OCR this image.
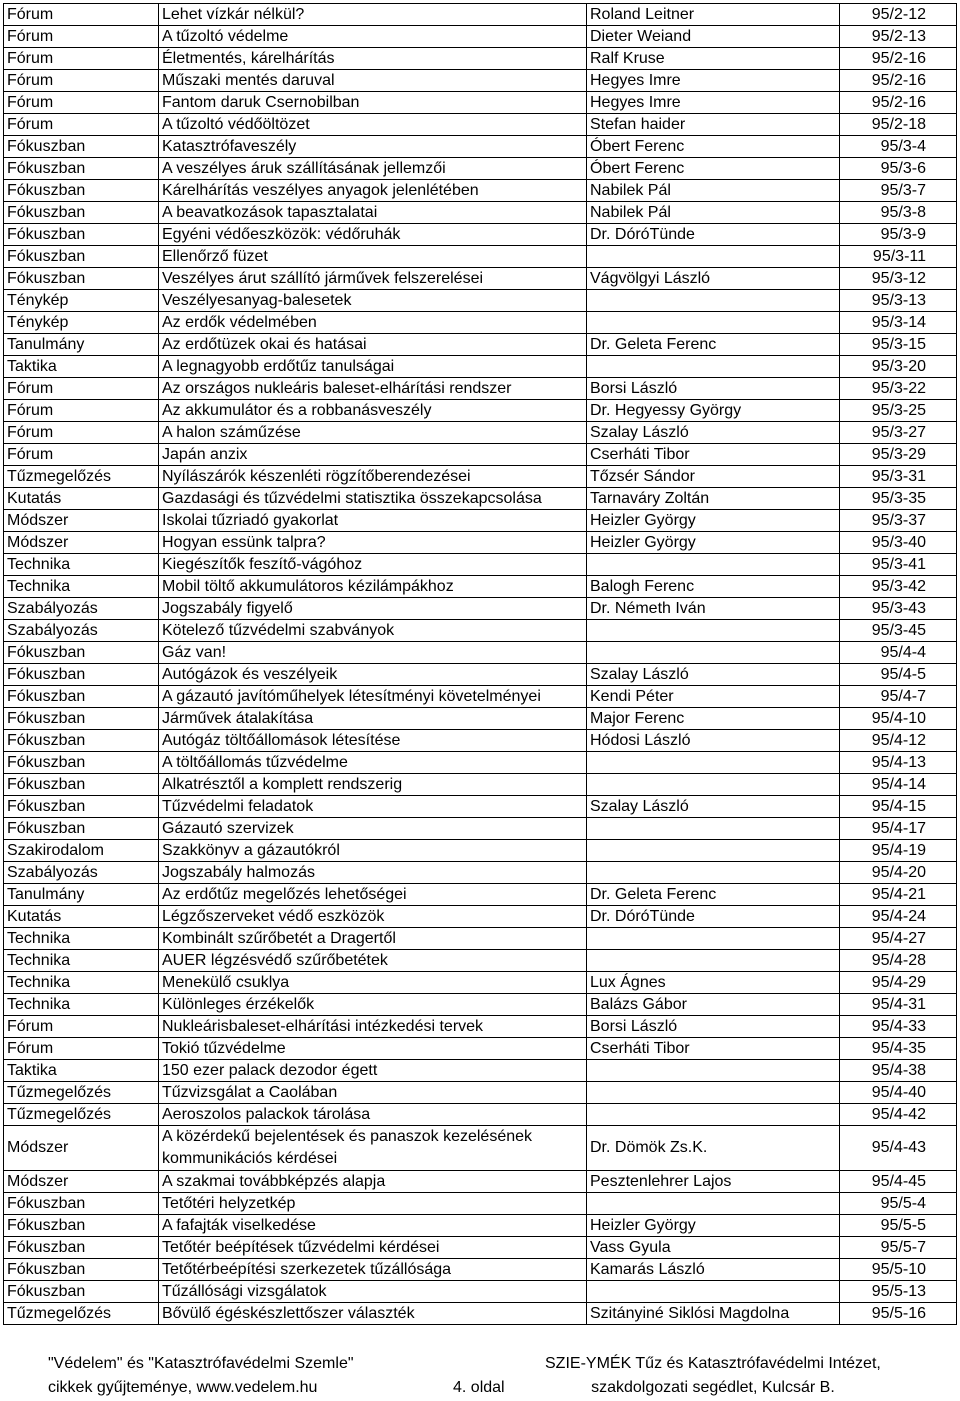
Fórum	Lehet vízkár nélkül?	Roland Leitner	95/2-12
Fórum	A tűzoltó védelme	Dieter Weiand	95/2-13
Fórum	Életmentés, kárelhárítás	Ralf Kruse	95/2-16
Fórum	Műszaki mentés daruval	Hegyes Imre	95/2-16
Fórum	Fantom daruk Csernobilban	Hegyes Imre	95/2-16
Fórum	A tűzoltó védőöltözet	Stefan haider	95/2-18
Fókuszban	Katasztrófaveszély	Óbert Ferenc	95/3-4
Fókuszban	A veszélyes áruk szállításának jellemzői	Óbert Ferenc	95/3-6
Fókuszban	Kárelhárítás veszélyes anyagok jelenlétében	Nabilek Pál	95/3-7
Fókuszban	A beavatkozások tapasztalatai	Nabilek Pál	95/3-8
Fókuszban	Egyéni védőeszközök: védőruhák	Dr. DóróTünde	95/3-9
Fókuszban	Ellenőrző füzet		95/3-11
Fókuszban	Veszélyes árut szállító járművek felszerelései	Vágvölgyi László	95/3-12
Ténykép	Veszélyesanyag-balesetek		95/3-13
Ténykép	Az erdők védelmében		95/3-14
Tanulmány	Az erdőtüzek okai és hatásai	Dr. Geleta Ferenc	95/3-15
Taktika	A legnagyobb erdőtűz tanulságai		95/3-20
Fórum	Az országos nukleáris baleset-elhárítási rendszer	Borsi László	95/3-22
Fórum	Az akkumulátor és a robbanásveszély	Dr. Hegyessy György	95/3-25
Fórum	A halon száműzése	Szalay László	95/3-27
Fórum	Japán anzix	Cserháti Tibor	95/3-29
Tűzmegelőzés	Nyílászárók készenléti rögzítőberendezései	Tőzsér Sándor	95/3-31
Kutatás	Gazdasági és tűzvédelmi statisztika összekapcsolása	Tarnaváry Zoltán	95/3-35
Módszer	Iskolai tűzriadó gyakorlat	Heizler György	95/3-37
Módszer	Hogyan essünk talpra?	Heizler György	95/3-40
Technika	Kiegészítők feszítő-vágóhoz		95/3-41
Technika	Mobil töltő akkumulátoros kézilámpákhoz	Balogh Ferenc	95/3-42
Szabályozás	Jogszabály figyelő	Dr. Németh Iván	95/3-43
Szabályozás	Kötelező tűzvédelmi szabványok		95/3-45
Fókuszban	Gáz van!		95/4-4
Fókuszban	Autógázok és veszélyeik	Szalay László	95/4-5
Fókuszban	A gázautó javítóműhelyek létesítményi követelményei	Kendi Péter	95/4-7
Fókuszban	Járművek átalakítása	Major Ferenc	95/4-10
Fókuszban	Autógáz töltőállomások létesítése	Hódosi László	95/4-12
Fókuszban	A töltőállomás tűzvédelme		95/4-13
Fókuszban	Alkatrésztől a komplett rendszerig		95/4-14
Fókuszban	Tűzvédelmi feladatok	Szalay László	95/4-15
Fókuszban	Gázautó szervizek		95/4-17
Szakirodalom	Szakkönyv a gázautókról		95/4-19
Szabályozás	Jogszabály halmozás		95/4-20
Tanulmány	Az erdőtűz megelőzés lehetőségei	Dr. Geleta Ferenc	95/4-21
Kutatás	Légzőszerveket védő eszközök	Dr. DóróTünde	95/4-24
Technika	Kombinált szűrőbetét a Dragertől		95/4-27
Technika	AUER légzésvédő szűrőbetétek		95/4-28
Technika	Menekülő csuklya	Lux Ágnes	95/4-29
Technika	Különleges érzékelők	Balázs Gábor	95/4-31
Fórum	Nukleárisbaleset-elhárítási intézkedési tervek	Borsi László	95/4-33
Fórum	Tokió tűzvédelme	Cserháti Tibor	95/4-35
Taktika	150 ezer palack dezodor égett		95/4-38
Tűzmegelőzés	Tűzvizsgálat a Caolában		95/4-40
Tűzmegelőzés	Aeroszolos palackok tárolása		95/4-42
Módszer	A közérdekű bejelentések és panaszok kezelésének kommunikációs kérdései	Dr. Dömök Zs.K.	95/4-43
Módszer	A szakmai továbbképzés alapja	Pesztenlehrer Lajos	95/4-45
Fókuszban	Tetőtéri helyzetkép		95/5-4
Fókuszban	A fafajták viselkedése	Heizler György	95/5-5
Fókuszban	Tetőtér beépítések tűzvédelmi kérdései	Vass Gyula	95/5-7
Fókuszban	Tetőtérbeépítési szerkezetek tűzállósága	Kamarás László	95/5-10
Fókuszban	Tűzállósági vizsgálatok		95/5-13
Tűzmegelőzés	Bővülő égéskészlettőszer választék	Szitányiné Siklósi Magdolna	95/5-16
"Védelem" és "Katasztrófavédelmi Szemle"
cikkek gyűjteménye, www.vedelem.hu	4. oldal
SZIE-YMÉK Tűz és Katasztrófavédelmi Intézet,
szakdolgozati segédlet, Kulcsár B.
